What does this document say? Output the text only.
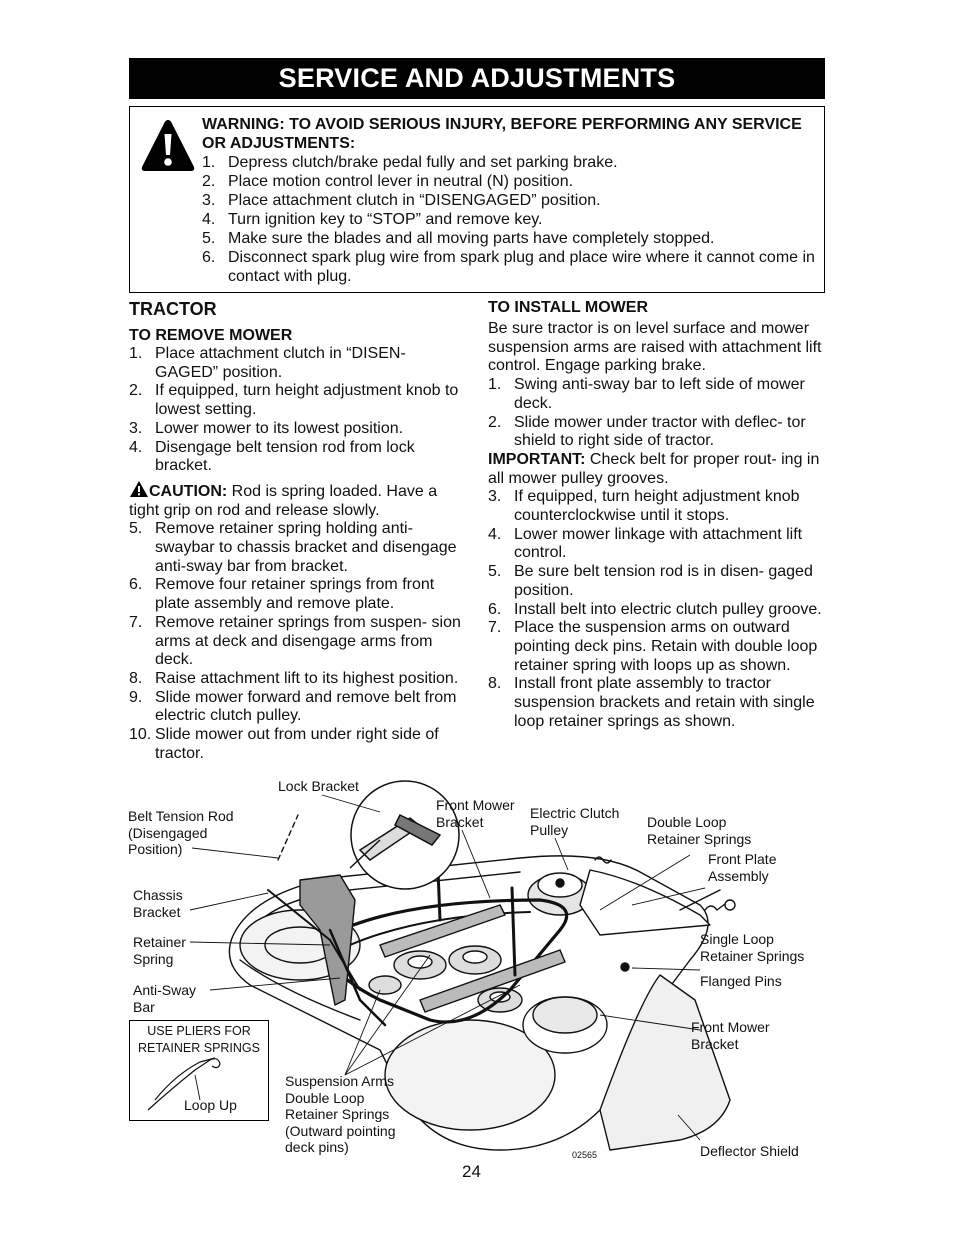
SERVICE AND ADJUSTMENTS
WARNING: TO AVOID SERIOUS INJURY, BEFORE PERFORMING ANY SERVICE OR ADJUSTMENTS:
1. Depress clutch/brake pedal fully and set parking brake.
2. Place motion control lever in neutral (N) position.
3. Place attachment clutch in “DISENGAGED” position.
4. Turn ignition key to “STOP” and remove key.
5. Make sure the blades and all moving parts have completely stopped.
6. Disconnect spark plug wire from spark plug and place wire where it cannot come in contact with plug.
TRACTOR
TO REMOVE MOWER
1. Place attachment clutch in “DISEN- GAGED” position.
2. If equipped, turn height adjustment knob to lowest setting.
3. Lower mower to its lowest position.
4. Disengage belt tension rod from lock bracket.
CAUTION: Rod is spring loaded. Have a tight grip on rod and release slowly.
5. Remove retainer spring holding anti-swaybar to chassis bracket and disengage anti-sway bar from bracket.
6. Remove four retainer springs from front plate assembly and remove plate.
7. Remove retainer springs from suspen- sion arms at deck and disengage arms from deck.
8. Raise attachment lift to its highest position.
9. Slide mower forward and remove belt from electric clutch pulley.
10. Slide mower out from under right side of tractor.
TO INSTALL MOWER
Be sure tractor is on level surface and mower suspension arms are raised with attachment lift control. Engage parking brake.
1. Swing anti-sway bar to left side of mower deck.
2. Slide mower under tractor with deflec- tor shield to right side of tractor.
IMPORTANT: Check belt for proper rout- ing in all mower pulley grooves.
3. If equipped, turn height adjustment knob counterclockwise until it stops.
4. Lower mower linkage with attachment lift control.
5. Be sure belt tension rod is in disen- gaged position.
6. Install belt into electric clutch pulley groove.
7. Place the suspension arms on outward pointing deck pins. Retain with double loop retainer spring with loops up as shown.
8. Install front plate assembly to tractor suspension brackets and retain with single loop retainer springs as shown.
Lock Bracket
Belt Tension Rod
(Disengaged
Position)
Front Mower
Bracket
Electric Clutch
Pulley	Double Loop
Retainer Springs
Front Plate
Assembly
Chassis
Bracket
Retainer
Spring
Single Loop
Retainer Springs
Flanged Pins
Anti-Sway
Bar
Front Mower
Bracket
Suspension Arms
Double Loop
Retainer Springs
(Outward pointing
deck pins)	Deflector Shield
USE PLIERS FOR RETAINER SPRINGS
Loop Up
02565
24
